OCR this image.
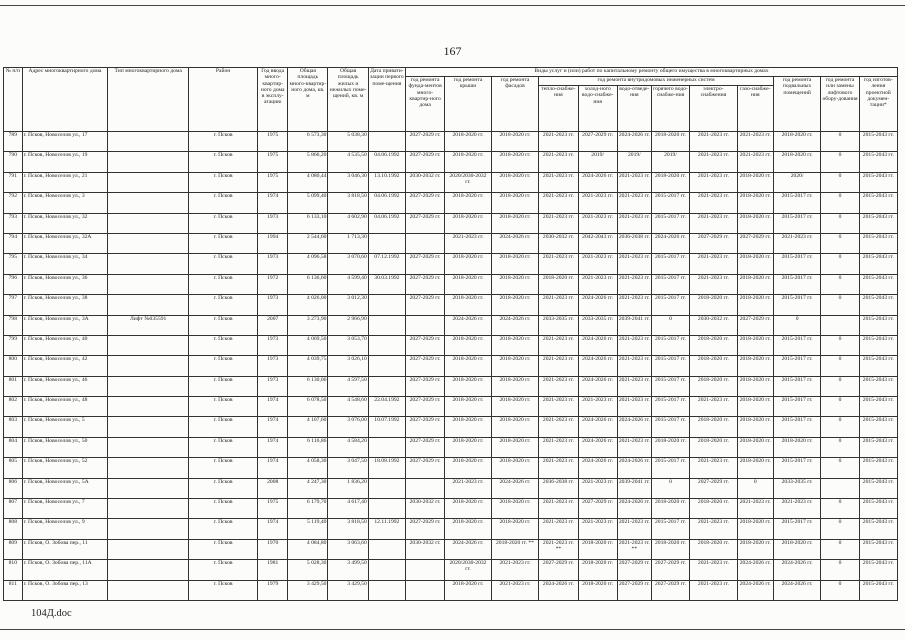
167
№ п/п	Адрес многоквартирного дома	Тип многоквартирного дома	Район	Год ввода много-квартир-ного дома в эксплу-атацию	Общая площадь много-квартир-ного дома, кв. м	Общая площадь жилых и нежилых поме-щений, кв. м	Дата привати-зации первого поме-щения	Виды услуг и (или) работ по капитальному ремонту общего имущества в многоквартирных домах											
								год ремонта фунда-ментов много-квартир-ного дома	год ремонта крыши	год ремонта фасадов	год ремонта внутридомовых инженерных систем						год ремонта подвальных помещений	год ремонта или замены лифтового обору-дования	год изготов-ления проектной докумен-тации*
											тепло-снабже-ния	холод-ного водо-снабже-ния	водо-отведе-ния	горячего водо-снабже-ния	электро-снабжения	газо-снабже-ния			
789	г. Псков, Новоселов ул., 17		г. Псков	1975	6 573,30	5 038,30		2027-2029 гг.	2018-2020 гг.	2018-2020 гг.	2021-2023 гг.	2027-2029 гг.	2024-2026 гг.	2018-2020 гг.	2021-2023 гг.	2021-2023 гг.	2018-2020 гг.	0	2015-2043 гг.
790	г. Псков, Новоселов ул., 19		г. Псков	1975	5 866,20	4 535,50	04.06.1992	2027-2029 гг.	2018-2020 гг.	2018-2020 гг.	2021-2023 гг.	2019/	2019/	2019/	2021-2023 гг.	2021-2023 гг.	2018-2020 гг.	0	2015-2043 гг.
791	г. Псков, Новоселов ул., 21		г. Псков	1975	4 080,44	3 046,30	13.10.1992	2030-2032 гг.	2020/2030-2032 гг.	2018-2020 гг.	2021-2023 гг.	2024-2026 гг.	2021-2023 гг.	2018-2020 гг.	2021-2023 гг.	2018-2020 гг.	2020/	0	2015-2043 гг.
792	г. Псков, Новоселов ул., 3		г. Псков	1974	5 099,40	3 818,50	04.06.1992	2027-2029 гг.	2018-2020 гг.	2018-2020 гг.	2021-2023 гг.	2021-2023 гг.	2021-2023 гг.	2015-2017 гг.	2021-2023 гг.	2018-2020 гг.	2015-2017 гг.	0	2015-2043 гг.
793	г. Псков, Новоселов ул., 32		г. Псков	1973	6 133,10	4 602,90	04.06.1992	2027-2029 гг.	2018-2020 гг.	2018-2020 гг.	2021-2023 гг.	2021-2023 гг.	2021-2023 гг.	2015-2017 гг.	2021-2023 гг.	2018-2020 гг.	2015-2017 гг.	0	2015-2043 гг.
794	г. Псков, Новоселов ул., 32А		г. Псков	1994	2 544,60	1 713,30			2021-2023 гг.	2024-2026 гг.	2030-2032 гг.	2042-2043 гг.	2036-2038 гг.	2024-2026 гг.	2027-2029 гг.	2027-2029 гг.	2021-2023 гг.	0	2015-2043 гг.
795	г. Псков, Новоселов ул., 34		г. Псков	1973	4 096,58	3 070,60	07.12.1992	2027-2029 гг.	2018-2020 гг.	2018-2020 гг.	2021-2023 гг.	2021-2023 гг.	2021-2023 гг.	2015-2017 гг.	2021-2023 гг.	2018-2020 гг.	2015-2017 гг.	0	2015-2043 гг.
796	г. Псков, Новоселов ул., 36		г. Псков	1972	6 136,60	4 599,40	30.03.1992	2027-2029 гг.	2018-2020 гг.	2018-2020 гг.	2018-2020 гг.	2021-2023 гг.	2021-2023 гг.	2015-2017 гг.	2021-2023 гг.	2018-2020 гг.	2015-2017 гг.	0	2015-2043 гг.
797	г. Псков, Новоселов ул., 38		г. Псков	1973	4 026,00	3 012,30		2027-2029 гг.	2018-2020 гг.	2018-2020 гг.	2021-2023 гг.	2024-2026 гг.	2021-2023 гг.	2015-2017 гг.	2018-2020 гг.	2018-2020 гг.	2015-2017 гг.	0	2015-2043 гг.
798	г. Псков, Новоселов ул., 3А	Лифт №035591	г. Псков	2007	3 273,90	2 966,90			2024-2026 гг.	2024-2026 гг.	2033-2035 гг.	2033-2035 гг.	2039-2041 гг.	0	2030-2032 гг.	2027-2029 гг.	0		2015-2043 гг.
799	г. Псков, Новоселов ул., 40		г. Псков	1973	4 069,50	3 053,70		2027-2029 гг.	2018-2020 гг.	2018-2020 гг.	2021-2023 гг.	2024-2026 гг.	2021-2023 гг.	2015-2017 гг.	2018-2020 гг.	2018-2020 гг.	2015-2017 гг.	0	2015-2043 гг.
800	г. Псков, Новоселов ул., 42		г. Псков	1973	4 039,75	3 026,10		2027-2029 гг.	2018-2020 гг.	2018-2020 гг.	2021-2023 гг.	2024-2026 гг.	2021-2023 гг.	2015-2017 гг.	2018-2020 гг.	2018-2020 гг.	2015-2017 гг.	0	2015-2043 гг.
801	г. Псков, Новоселов ул., 46		г. Псков	1973	6 130,06	4 597,50		2027-2029 гг.	2018-2020 гг.	2018-2020 гг.	2021-2023 гг.	2024-2026 гг.	2021-2023 гг.	2015-2017 гг.	2018-2020 гг.	2018-2020 гг.	2015-2017 гг.	0	2015-2043 гг.
802	г. Псков, Новоселов ул., 48		г. Псков	1974	6 078,50	4 548,60	22.04.1992	2027-2029 гг.	2018-2020 гг.	2018-2020 гг.	2021-2023 гг.	2021-2023 гг.	2021-2023 гг.	2015-2017 гг.	2021-2023 гг.	2018-2020 гг.	2015-2017 гг.	0	2015-2043 гг.
803	г. Псков, Новоселов ул., 5		г. Псков	1974	4 107,60	3 076,00	10.07.1992	2027-2029 гг.	2018-2020 гг.	2018-2020 гг.	2021-2023 гг.	2024-2026 гг.	2024-2026 гг.	2015-2017 гг.	2018-2020 гг.	2018-2020 гг.	2015-2017 гг.	0	2015-2043 гг.
804	г. Псков, Новоселов ул., 50		г. Псков	1974	6 116,86	4 584,20		2027-2029 гг.	2018-2020 гг.	2018-2020 гг.	2021-2023 гг.	2024-2026 гг.	2021-2023 гг.	2018-2020 гг.	2018-2020 гг.	2018-2020 гг.	2018-2020 гг.	0	2015-2043 гг.
805	г. Псков, Новоселов ул., 52		г. Псков	1974	4 058,30	3 047,50	18.08.1992	2027-2029 гг.	2018-2020 гг.	2018-2020 гг.	2021-2023 гг.	2024-2026 гг.	2024-2026 гг.	2015-2017 гг.	2021-2023 гг.	2018-2020 гг.	2015-2017 гг.	0	2015-2043 гг.
806	г. Псков, Новоселов ул., 5А		г. Псков	2008	4 247,30	1 836,20			2021-2023 гг.	2024-2026 гг.	2036-2038 гг.	2021-2023 гг.	2039-2041 гг.	0	2027-2029 гг.	0	2033-2035 гг.		2015-2043 гг.
807	г. Псков, Новоселов ул., 7		г. Псков	1975	6 179,70	4 617,40		2030-2032 гг.	2018-2020 гг.	2018-2020 гг.	2021-2023 гг.	2027-2029 гг.	2024-2026 гг.	2018-2020 гг.	2018-2020 гг.	2021-2023 гг.	2021-2023 гг.	0	2015-2043 гг.
808	г. Псков, Новоселов ул., 9		г. Псков	1974	5 119,40	3 818,50	12.11.1992	2027-2029 гг.	2018-2020 гг.	2018-2020 гг.	2021-2023 гг.	2021-2023 гг.	2021-2023 гг.	2015-2017 гг.	2021-2023 гг.	2018-2020 гг.	2015-2017 гг.	0	2015-2043 гг.
809	г. Псков, О. Зобова пер., 11		г. Псков	1970	4 084,80	3 063,60		2030-2032 гг.	2024-2026 гг.	2018-2020 гг. **	2021-2023 гг. **	2018-2020 гг.	2021-2023 гг. **	2018-2020 гг.	2018-2020 гг.	2018-2020 гг.	2018-2020 гг.	0	2015-2043 гг.
810	г. Псков, О. Зобова пер., 11А		г. Псков	1981	5 028,30	3 499,50			2020/2030-2032 гг.	2021-2023 гг.	2027-2029 гг.	2018-2020 гг.	2027-2029 гг.	2027-2029 гг.	2021-2023 гг.	2024-2026 гг.	2024-2026 гг.	0	2015-2043 гг.
811	г. Псков, О. Зобова пер., 13		г. Псков	1979	3 429,50	3 429,50			2018-2020 гг.	2021-2023 гг.	2024-2026 гг.	2018-2020 гг.	2027-2029 гг.	2027-2029 гг.	2021-2023 гг.	2024-2026 гг.	2024-2026 гг.	0	2015-2043 гг.
104Д.doc
